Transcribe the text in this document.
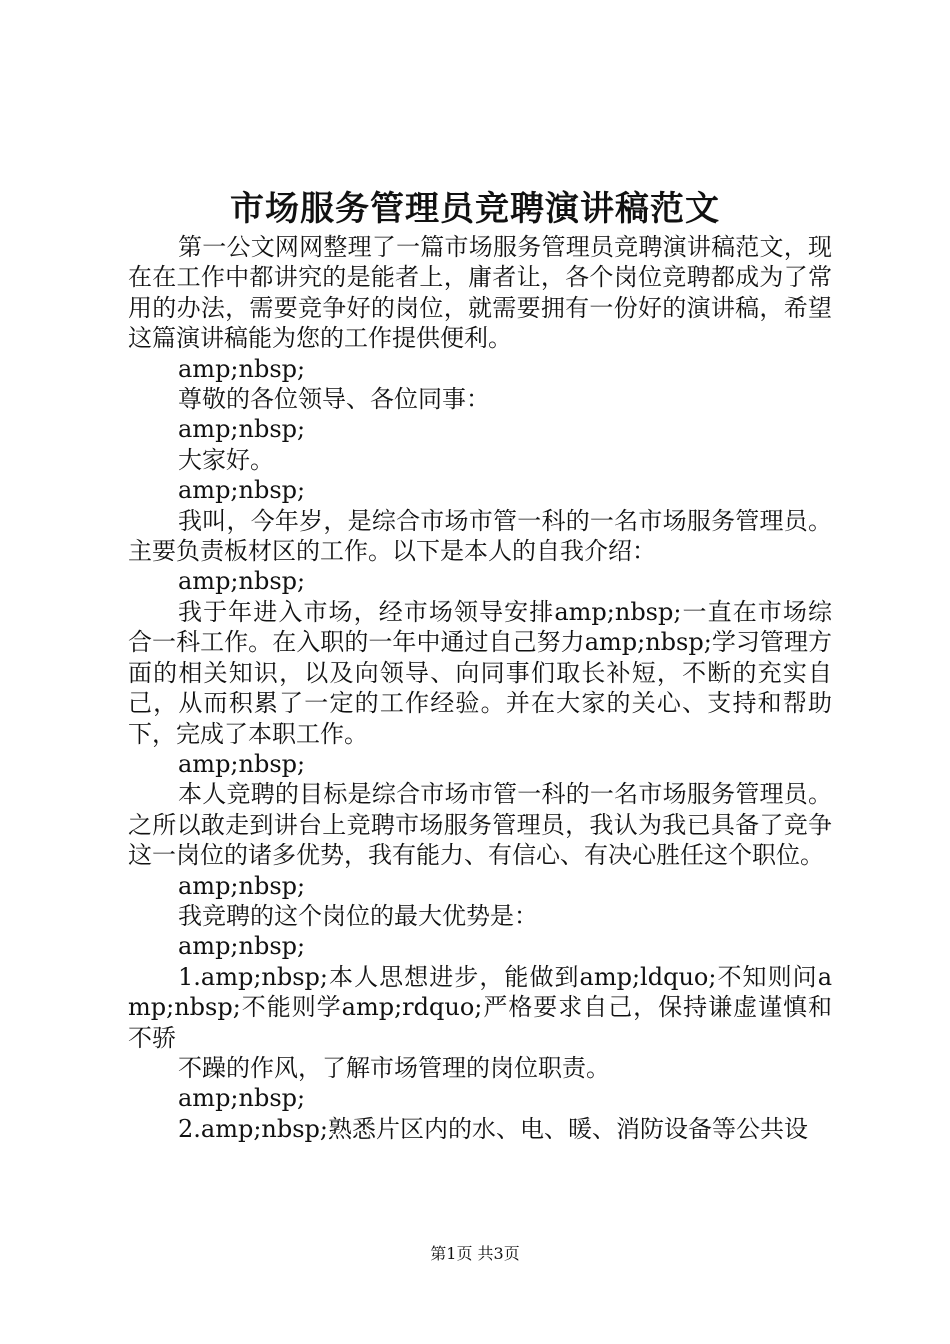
市场服务管理员竞聘演讲稿范文

第一公文网网整理了一篇市场服务管理员竞聘演讲稿范文，现在在工作中都讲究的是能者上，庸者让，各个岗位竞聘都成为了常用的办法，需要竞争好的岗位，就需要拥有一份好的演讲稿，希望这篇演讲稿能为您的工作提供便利。

amp;nbsp;

尊敬的各位领导、各位同事：

amp;nbsp;

大家好。

amp;nbsp;

我叫，今年岁，是综合市场市管一科的一名市场服务管理员。主要负责板材区的工作。以下是本人的自我介绍：

amp;nbsp;

我于年进入市场，经市场领导安排amp;nbsp;一直在市场综合一科工作。在入职的一年中通过自己努力amp;nbsp;学习管理方面的相关知识，以及向领导、向同事们取长补短，不断的充实自己，从而积累了一定的工作经验。并在大家的关心、支持和帮助下，完成了本职工作。

amp;nbsp;

本人竞聘的目标是综合市场市管一科的一名市场服务管理员。之所以敢走到讲台上竞聘市场服务管理员，我认为我已具备了竞争这一岗位的诸多优势，我有能力、有信心、有决心胜任这个职位。

amp;nbsp;

我竞聘的这个岗位的最大优势是：

amp;nbsp;

1.amp;nbsp;本人思想进步，能做到amp;ldquo;不知则问amp;nbsp;不能则学amp;rdquo;严格要求自己，保持谦虚谨慎和不骄

不躁的作风，了解市场管理的岗位职责。

amp;nbsp;

2.amp;nbsp;熟悉片区内的水、电、暖、消防设备等公共设

第1页 共3页
